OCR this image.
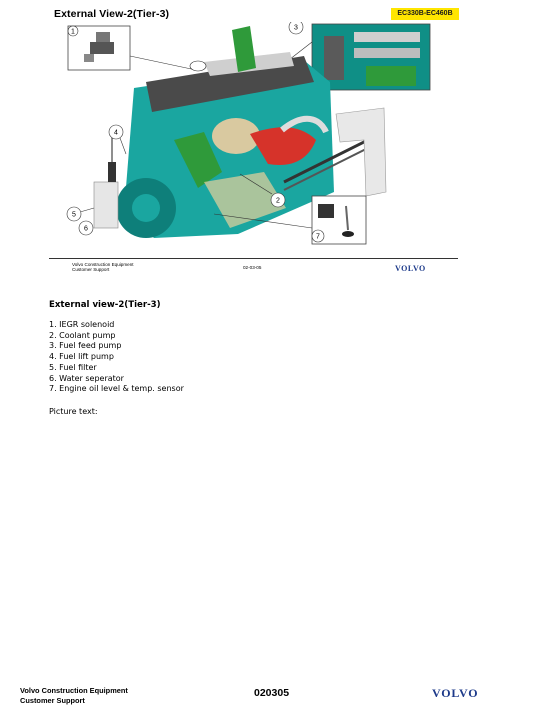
External View-2(Tier-3)	EC330B-EC460B
1
2
3
4
5
6
7
Volvo Construction Equipment
Customer Support	02-03-05	VOLVO
External view-2(Tier-3)
1. IEGR solenoid
2. Coolant pump
3. Fuel feed pump
4. Fuel lift pump
5. Fuel filter
6. Water seperator
7. Engine oil level & temp. sensor
Picture text:
Volvo Construction Equipment
Customer Support
020305	VOLVO
